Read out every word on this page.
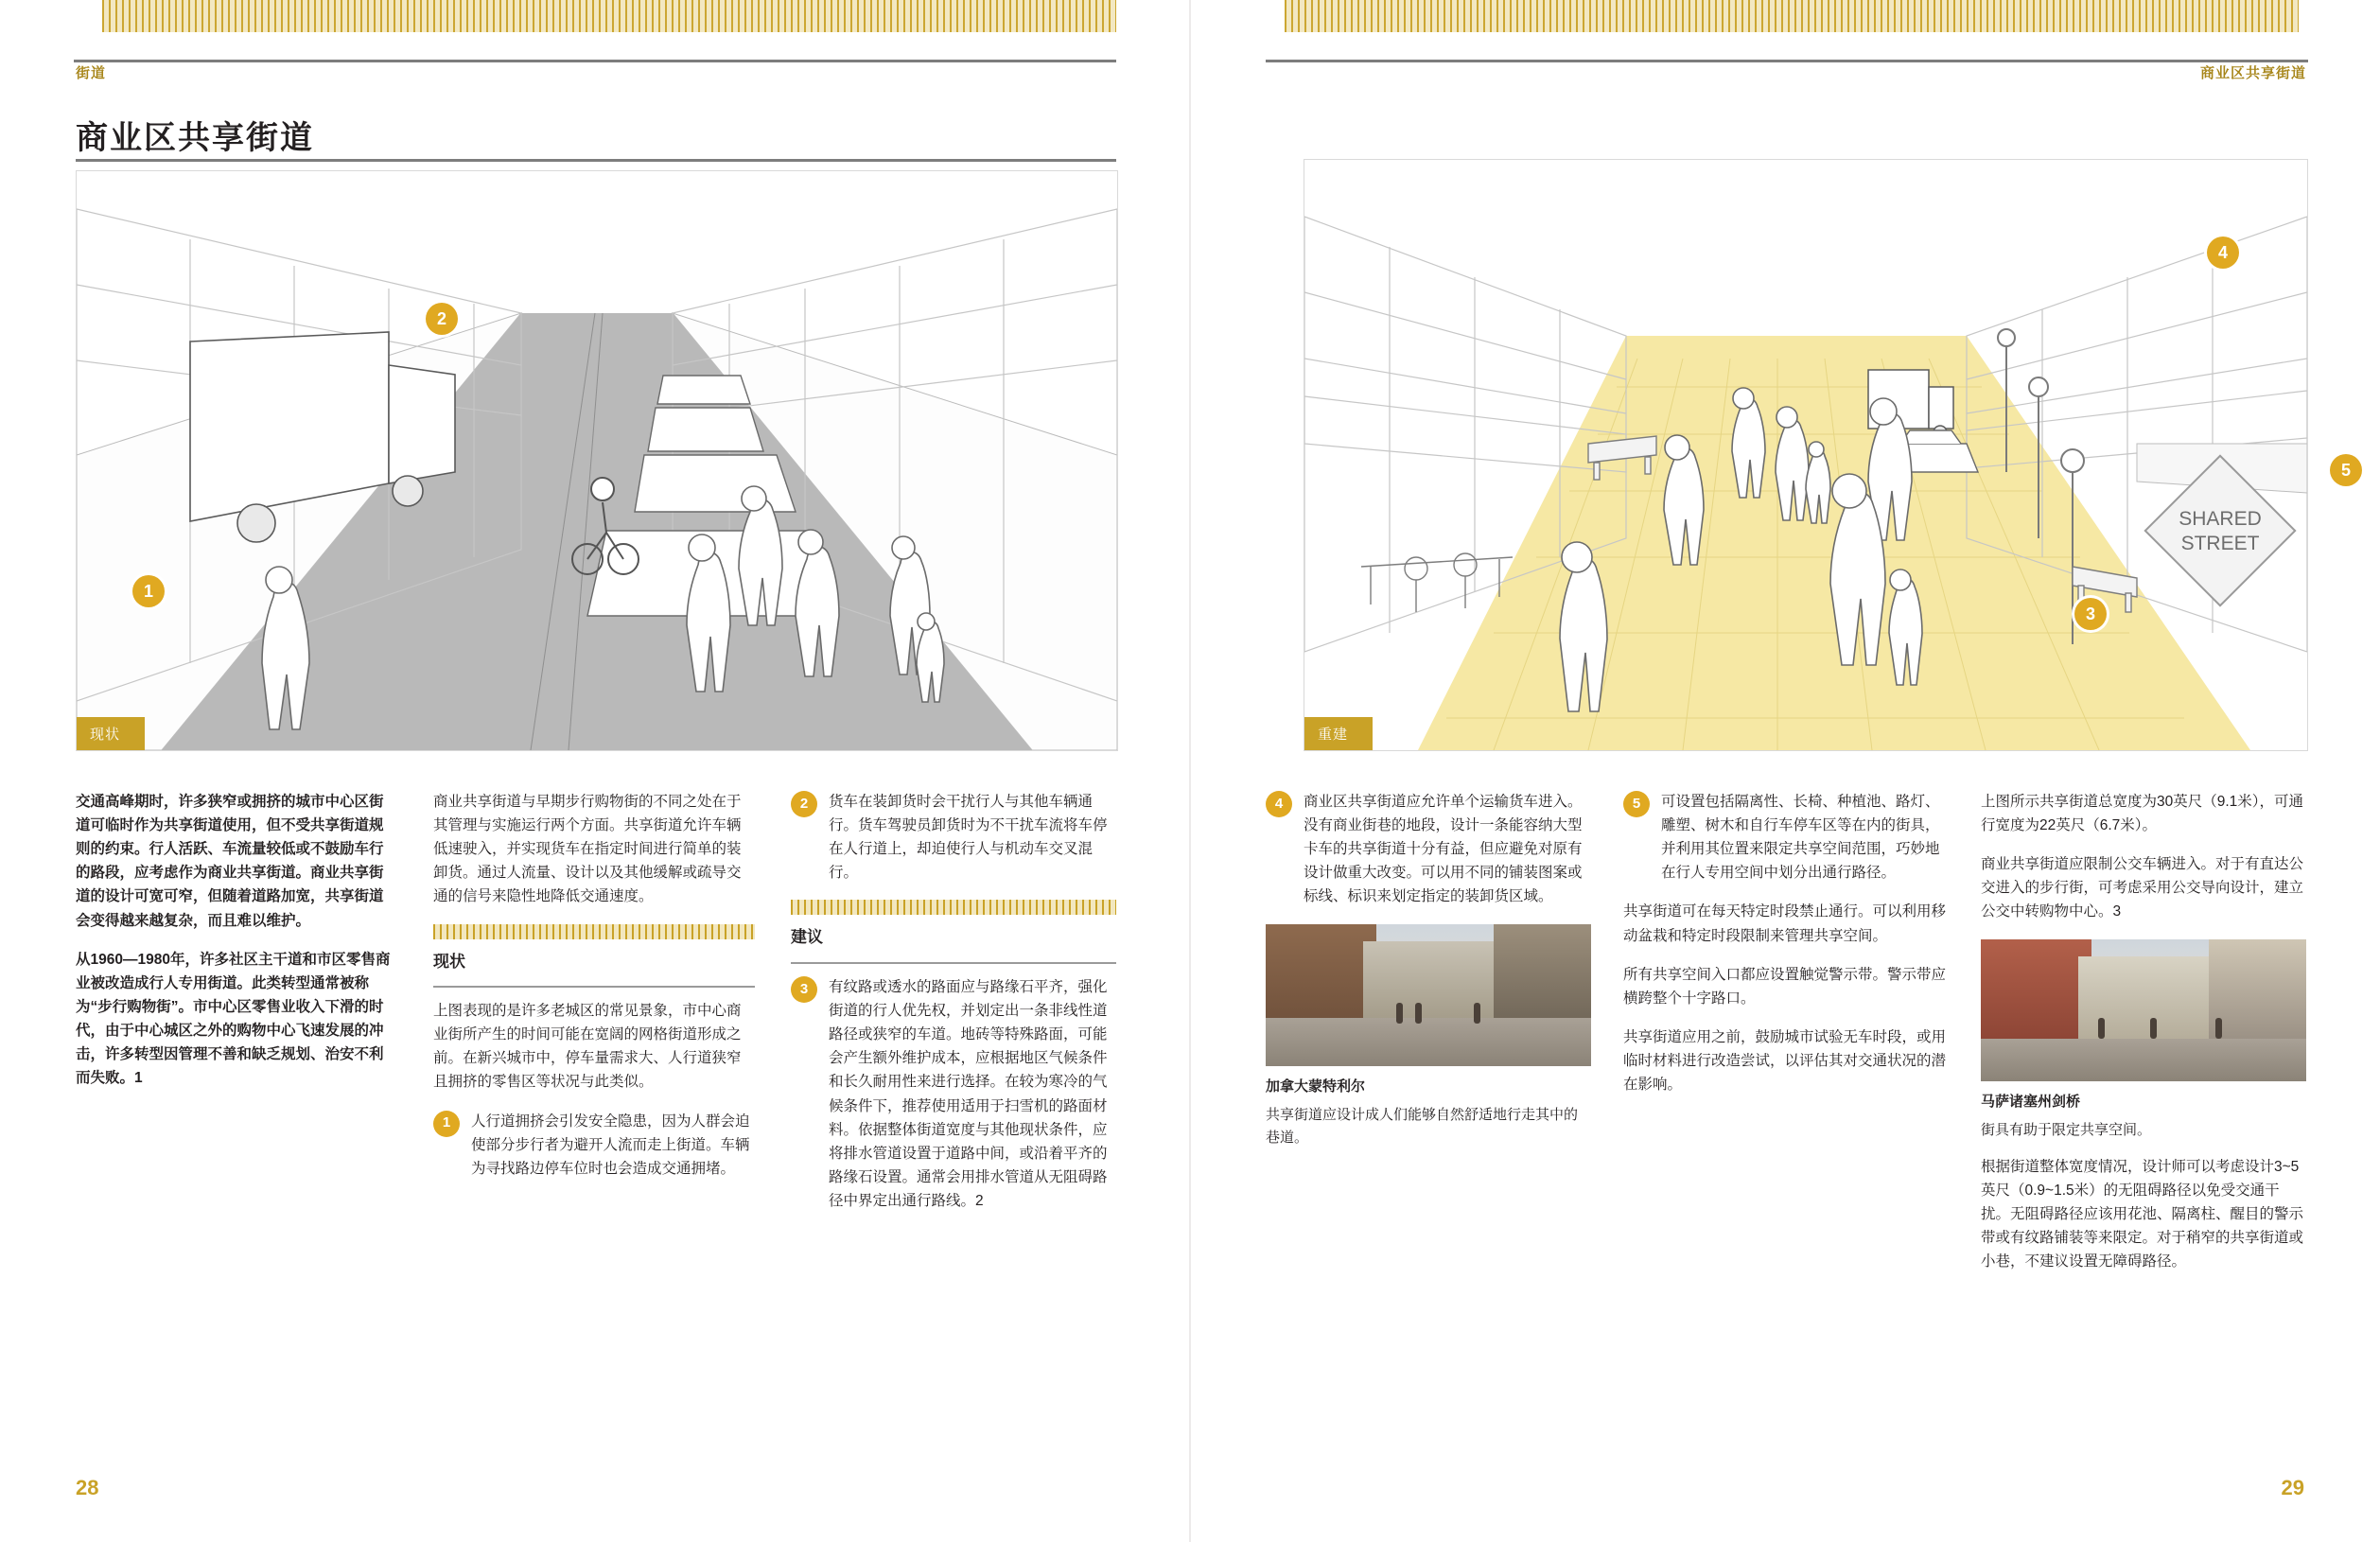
街道
商业区共享街道
现状
1
2

交通高峰期时，许多狭窄或拥挤的城市中心区街道可临时作为共享街道使用，但不受共享街道规则的约束。行人活跃、车流量较低或不鼓励车行的路段，应考虑作为商业共享街道。商业共享街道的设计可宽可窄，但随着道路加宽，共享街道会变得越来越复杂，而且难以维护。

从1960—1980年，许多社区主干道和市区零售商业被改造成行人专用街道。此类转型通常被称为“步行购物街”。市中心区零售业收入下滑的时代，由于中心城区之外的购物中心飞速发展的冲击，许多转型因管理不善和缺乏规划、治安不利而失败。1

商业共享街道与早期步行购物街的不同之处在于其管理与实施运行两个方面。共享街道允许车辆低速驶入，并实现货车在指定时间进行简单的装卸货。通过人流量、设计以及其他缓解或疏导交通的信号来隐性地降低交通速度。

现状

上图表现的是许多老城区的常见景象，市中心商业街所产生的时间可能在宽阔的网格街道形成之前。在新兴城市中，停车量需求大、人行道狭窄且拥挤的零售区等状况与此类似。

1	人行道拥挤会引发安全隐患，因为人群会迫使部分步行者为避开人流而走上街道。车辆为寻找路边停车位时也会造成交通拥堵。
2	货车在装卸货时会干扰行人与其他车辆通行。货车驾驶员卸货时为不干扰车流将车停在人行道上，却迫使行人与机动车交叉混行。
建议
3	有纹路或透水的路面应与路缘石平齐，强化街道的行人优先权，并划定出一条非线性道路径或狭窄的车道。地砖等特殊路面，可能会产生额外维护成本，应根据地区气候条件和长久耐用性来进行选择。在较为寒冷的气候条件下，推荐使用适用于扫雪机的路面材料。依据整体街道宽度与其他现状条件，应将排水管道设置于道路中间，或沿着平齐的路缘石设置。通常会用排水管道从无阻碍路径中界定出通行路线。2
28
商业区共享街道
SHARED
STREET
重建
3
4
5
4	商业区共享街道应允许单个运输货车进入。没有商业街巷的地段，设计一条能容纳大型卡车的共享街道十分有益，但应避免对原有设计做重大改变。可以用不同的铺装图案或标线、标识来划定指定的装卸货区域。
加拿大蒙特利尔
共享街道应设计成人们能够自然舒适地行走其中的巷道。
5	可设置包括隔离性、长椅、种植池、路灯、雕塑、树木和自行车停车区等在内的街具，并利用其位置来限定共享空间范围，巧妙地在行人专用空间中划分出通行路径。

共享街道可在每天特定时段禁止通行。可以利用移动盆栽和特定时段限制来管理共享空间。

所有共享空间入口都应设置触觉警示带。警示带应横跨整个十字路口。

共享街道应用之前，鼓励城市试验无车时段，或用临时材料进行改造尝试，以评估其对交通状况的潜在影响。

上图所示共享街道总宽度为30英尺（9.1米），可通行宽度为22英尺（6.7米）。

商业共享街道应限制公交车辆进入。对于有直达公交进入的步行街，可考虑采用公交导向设计，建立公交中转购物中心。3

马萨诸塞州剑桥
街具有助于限定共享空间。

根据街道整体宽度情况，设计师可以考虑设计3~5英尺（0.9~1.5米）的无阻碍路径以免受交通干扰。无阻碍路径应该用花池、隔离柱、醒目的警示带或有纹路铺装等来限定。对于稍窄的共享街道或小巷，不建议设置无障碍路径。

29
